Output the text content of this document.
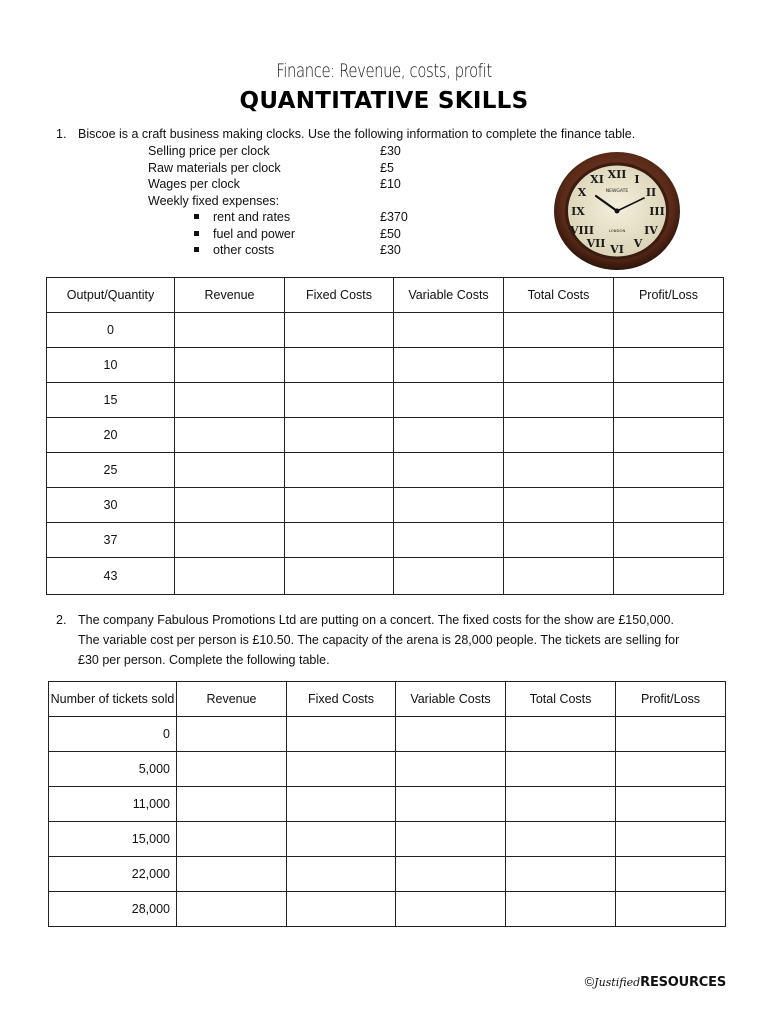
Finance: Revenue, costs, profit
QUANTITATIVE SKILLS
1. Biscoe is a craft business making clocks. Use the following information to complete the finance table.
Selling price per clock	£30
Raw materials per clock	£5
Wages per clock	£10
Weekly fixed expenses:
rent and rates	£370
fuel and power	£50
other costs	£30
XII I
II
III
IV
V
VI
VII
VIII
IX
X
XI
NEWGATE
LONDON
Output/Quantity	Revenue	Fixed Costs	Variable Costs	Total Costs	Profit/Loss
0					
10					
15					
20					
25					
30					
37					
43					
2. The company Fabulous Promotions Ltd are putting on a concert. The fixed costs for the show are £150,000.
The variable cost per person is £10.50. The capacity of the arena is 28,000 people. The tickets are selling for
£30 per person. Complete the following table.
Number of tickets sold	Revenue	Fixed Costs	Variable Costs	Total Costs	Profit/Loss
0					
5,000					
11,000					
15,000					
22,000					
28,000					
©JustifiedRESOURCES
